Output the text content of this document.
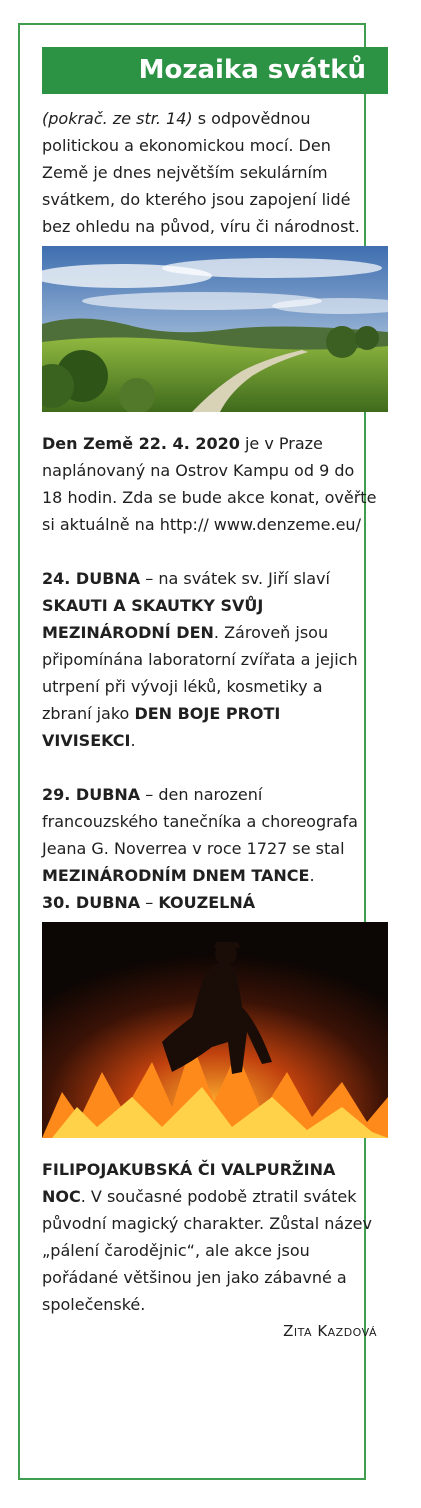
Mozaika svátků

(pokrač. ze str. 14) s odpovědnou politickou a ekonomickou mocí. Den Země je dnes největším sekulárním svátkem, do kterého jsou zapojení lidé bez ohledu na původ, víru či národnost.

Den Země 22. 4. 2020 je v Praze naplánovaný na Ostrov Kampu od 9 do 18 hodin. Zda se bude akce konat, ověřte si aktuálně na http:// www.denzeme.eu/

24. DUBNA – na svátek sv. Jiří slaví SKAUTI A SKAUTKY SVŮJ MEZINÁRODNÍ DEN. Zároveň jsou připomínána laboratorní zvířata a jejich utrpení při vývoji léků, kosmetiky a zbraní jako DEN BOJE PROTI VIVISEKCI.

29. DUBNA – den narození francouzského tanečníka a choreografa Jeana G. Noverrea v roce 1727 se stal MEZINÁRODNÍM DNEM TANCE.

30. DUBNA – KOUZELNÁ

FILIPOJAKUBSKÁ ČI VALPURŽINA NOC. V současné podobě ztratil svátek původní magický charakter. Zůstal název „pálení čarodějnic“, ale akce jsou pořádané většinou jen jako zábavné a společenské.

Zita Kazdová
